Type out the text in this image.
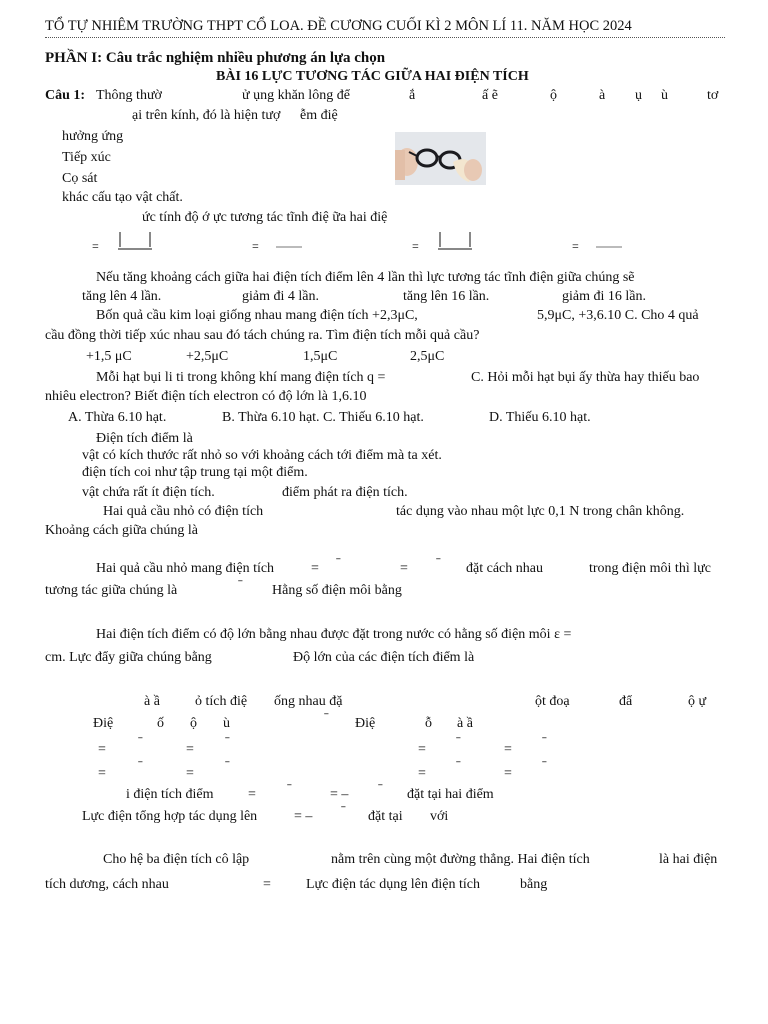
TỔ TỰ NHIÊM TRƯỜNG THPT CỔ LOA. ĐỀ CƯƠNG CUỐI KÌ 2 MÔN LÍ 11. NĂM HỌC 2024
PHẦN I: Câu trắc nghiệm nhiều phương án lựa chọn
BÀI 16 LỰC TƯƠNG TÁC GIỮA HAI ĐIỆN TÍCH
Câu 1: Thông thườ	ử ụng khăn lông để	ắ	ấ ẽ	ộ	à ụ ù	tơ
ại trên kính, đó là hiện tượ ễm điệ
hưởng ứng
Tiếp xúc
Cọ sát
khác cấu tạo vật chất.
ức tính độ ớ ực tương tác tĩnh điệ ữa hai điệ
=	=	=	=
Nếu tăng khoảng cách giữa hai điện tích điểm lên 4 lần thì lực tương tác tĩnh điện giữa chúng sẽ
tăng lên 4 lần.	giảm đi 4 lần.	tăng lên 16 lần.	giảm đi 16 lần.
Bốn quả cầu kim loại giống nhau mang điện tích +2,3μC,	5,9μC, +3,6.10 C. Cho 4 quả
cầu đồng thời tiếp xúc nhau sau đó tách chúng ra. Tìm điện tích mỗi quả cầu?
+1,5 μC	+2,5μC	1,5μC	2,5μC
Mỗi hạt bụi li ti trong không khí mang điện tích q =	C. Hỏi mỗi hạt bụi ấy thừa hay thiếu bao
nhiêu electron? Biết điện tích electron có độ lớn là 1,6.10
A. Thừa 6.10 hạt.	B. Thừa 6.10 hạt. C. Thiếu 6.10 hạt.	D. Thiếu 6.10 hạt.
Điện tích điểm là
vật có kích thước rất nhỏ so với khoảng cách tới điểm mà ta xét.
điện tích coi như tập trung tại một điểm.
vật chứa rất ít điện tích.	điểm phát ra điện tích.
Hai quả cầu nhỏ có điện tích	tác dụng vào nhau một lực 0,1 N trong chân không.
Khoảng cách giữa chúng là
Hai quả cầu nhỏ mang điện tích	= ˉ	= ˉ đặt cách nhau	trong điện môi thì lực
tương tác giữa chúng là	ˉ Hằng số điện môi bằng
Hai điện tích điểm có độ lớn bằng nhau được đặt trong nước có hằng số điện môi ε =
cm. Lực đẩy giữa chúng bằng	Độ lớn của các điện tích điểm là
à ầ	ỏ tích điệ ống nhau đặ	ột đoạ	đẩ	ộ ự
Điệ	ố ộ ù	ˉ Điệ	ỗ à ầ
= ˉ	= ˉ	= ˉ	= ˉ
= ˉ	= ˉ	= ˉ	= ˉ
i điện tích điểm = ˉ	= – ˉ đặt tại hai điểm
Lực điện tổng hợp tác dụng lên	= – ˉ đặt tại với
Cho hệ ba điện tích cô lập	nằm trên cùng một đường thẳng. Hai điện tích	là hai điện
tích dương, cách nhau	=	Lực điện tác dụng lên điện tích	bằng
